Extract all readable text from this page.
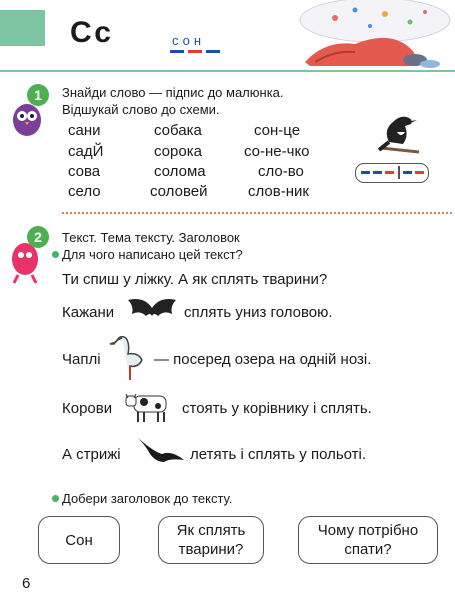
Сс	сон
1	Знайди слово — підпис до малюнка.
Відшукай слово до схеми.
сани	собака	сон-це
садЙ	сорока	со-не-чко
сова	солома	сло-во
село	соловей	слов-ник
2	Текст. Тема тексту. Заголовок
Для чого написано цей текст?
Ти спиш у ліжку. А як сплять тварини?
Кажани	сплять униз головою.
Чаплі	— посеред озера на одній нозі.
Корови	стоять у корівнику і сплять.
А стрижі	летять і сплять у польоті.
Добери заголовок до тексту.
Сон
Як сплять
тварини?
Чому потрібно
спати?
6
